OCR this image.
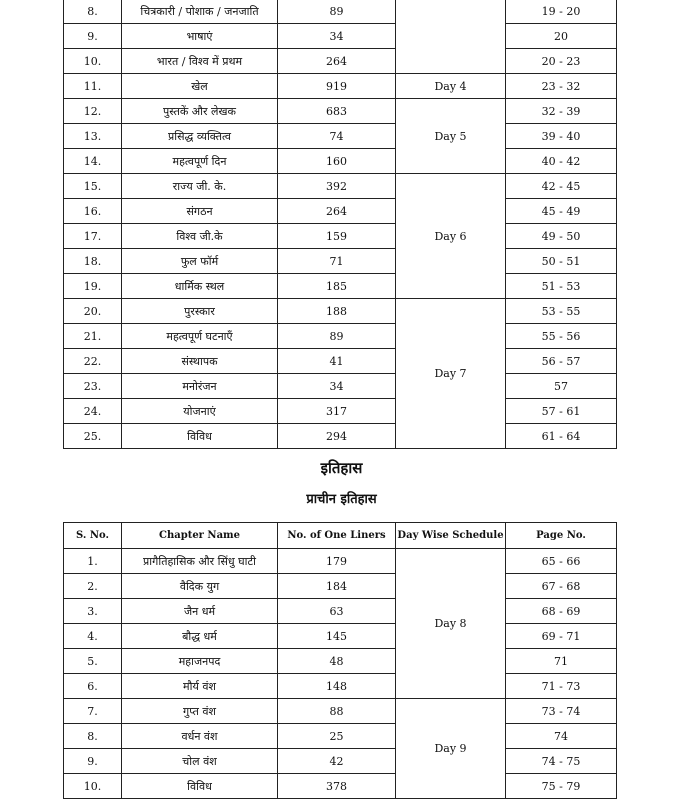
8.	चित्रकारी / पोशाक / जनजाति	89		19 - 20
9.	भाषाएं	34		20
10.	भारत / विश्व में प्रथम	264		20 - 23
11.	खेल	919	Day 4	23 - 32
12.	पुस्तकें और लेखक	683	Day 5	32 - 39
13.	प्रसिद्ध व्यक्तित्व	74		39 - 40
14.	महत्वपूर्ण दिन	160		40 - 42
15.	राज्य जी. के.	392	Day 6	42 - 45
16.	संगठन	264		45 - 49
17.	विश्व जी.के	159		49 - 50
18.	फुल फॉर्म	71		50 - 51
19.	धार्मिक स्थल	185		51 - 53
20.	पुरस्कार	188	Day 7	53 - 55
21.	महत्वपूर्ण घटनाएँ	89		55 - 56
22.	संस्थापक	41		56 - 57
23.	मनोरंजन	34		57
24.	योजनाएं	317		57 - 61
25.	विविध	294		61 - 64
इतिहास
प्राचीन इतिहास
S. No.	Chapter Name	No. of One Liners	Day Wise Schedule	Page No.
1.	प्रागैतिहासिक और सिंधु घाटी	179	Day 8	65 - 66
2.	वैदिक युग	184		67 - 68
3.	जैन धर्म	63		68 - 69
4.	बौद्ध धर्म	145		69 - 71
5.	महाजनपद	48		71
6.	मौर्य वंश	148		71 - 73
7.	गुप्त वंश	88	Day 9	73 - 74
8.	वर्धन वंश	25		74
9.	चोल वंश	42		74 - 75
10.	विविध	378		75 - 79
